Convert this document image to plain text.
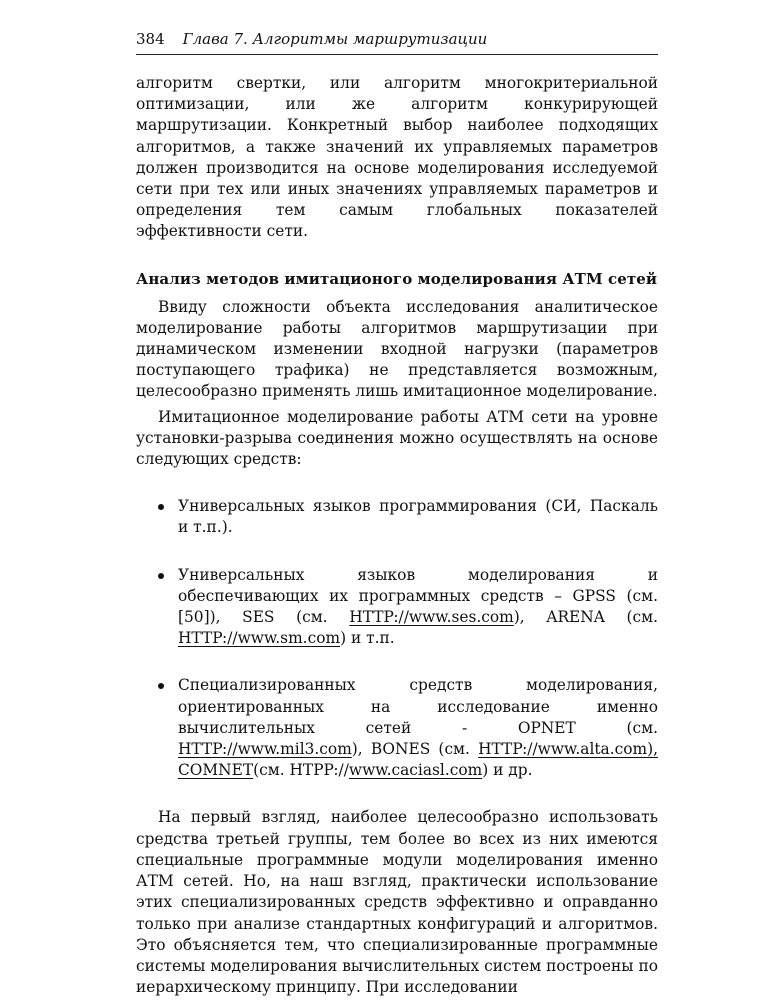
384 Глава 7. Алгоритмы маршрутизации

алгоритм свертки, или алгоритм многокритериальной оптимизации, или же алгоритм конкурирующей маршрутизации. Конкретный выбор наиболее подходящих алгоритмов, а также значений их управляемых параметров должен производится на основе моделирования исследуемой сети при тех или иных значениях управляемых параметров и определения тем самым глобальных показателей эффективности сети.

Анализ методов имитационого моделирования АТМ сетей

Ввиду сложности объекта исследования аналитическое моделирование работы алгоритмов маршрутизации при динамическом изменении входной нагрузки (параметров поступающего трафика) не представляется возможным, целесообразно применять лишь имитационное моделирование.

Имитационное моделирование работы АТМ сети на уровне установки-разрыва соединения можно осуществлять на основе следующих средств:

Универсальных языков программирования (СИ, Паскаль и т.п.).
Универсальных языков моделирования и обеспечивающих их программных средств – GPSS (см. [50]), SES (см. HTTP://www.ses.com), ARENA (см. HTTP://www.sm.com) и т.п.
Специализированных средств моделирования, ориентированных на исследование именно вычислительных сетей - OPNET (см. HTTP://www.mil3.com), BONES (см. HTTP://www.alta.com), COMNET(см. HTPP://www.caciasl.com) и др.

На первый взгляд, наиболее целесообразно использовать средства третьей группы, тем более во всех из них имеются специальные программные модули моделирования именно АТМ сетей. Но, на наш взгляд, практически использование этих специализированных средств эффективно и оправданно только при анализе стандартных конфигураций и алгоритмов. Это объясняется тем, что специализированные программные системы моделирования вычислительных систем построены по иерархическому принципу. При исследовании
